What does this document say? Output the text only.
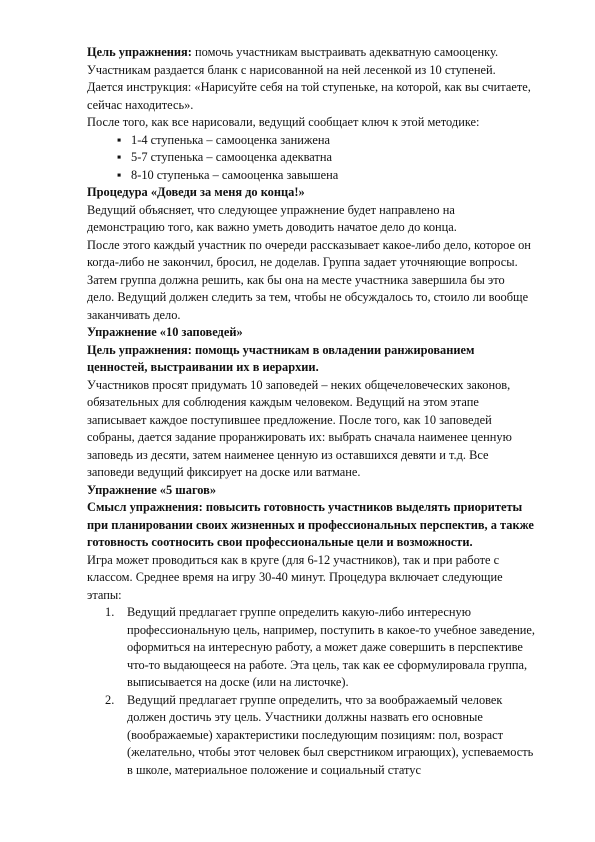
Цель упражнения: помочь участникам выстраивать адекватную самооценку.

Участникам раздается бланк с нарисованной на ней лесенкой из 10 ступеней.

Дается инструкция: «Нарисуйте себя на той ступеньке, на которой, как вы считаете, сейчас находитесь».

После того, как все нарисовали, ведущий сообщает ключ к этой методике:

▪ 1-4 ступенька – самооценка занижена
▪ 5-7 ступенька – самооценка адекватна
▪ 8-10 ступенька – самооценка завышена

Процедура «Доведи за меня до конца!»

Ведущий объясняет, что следующее упражнение будет направлено на демонстрацию того, как важно уметь доводить начатое дело до конца.

После этого каждый участник по очереди рассказывает какое-либо дело, которое он когда-либо не закончил, бросил, не доделав. Группа задает уточняющие вопросы. Затем группа должна решить, как бы она на месте участника завершила бы это дело. Ведущий должен следить за тем, чтобы не обсуждалось то, стоило ли вообще заканчивать дело.

Упражнение «10 заповедей»

Цель упражнения: помощь участникам в овладении ранжированием ценностей, выстраивании их в иерархии.

Участников просят придумать 10 заповедей – неких общечеловеческих законов, обязательных для соблюдения каждым человеком. Ведущий на этом этапе записывает каждое поступившее предложение. После того, как 10 заповедей собраны, дается задание проранжировать их: выбрать сначала наименее ценную заповедь из десяти, затем наименее ценную из оставшихся девяти и т.д. Все заповеди ведущий фиксирует на доске или ватмане.

Упражнение «5 шагов»

Смысл упражнения: повысить готовность участников выделять приоритеты при планировании своих жизненных и профессиональных перспектив, а также готовность соотносить свои профессиональные цели и возможности.

Игра может проводиться как в круге (для 6-12 участников), так и при работе с классом. Среднее время на игру 30-40 минут. Процедура включает следующие этапы:

1. Ведущий предлагает группе определить какую-либо интересную профессиональную цель, например, поступить в какое-то учебное заведение, оформиться на интересную работу, а может даже совершить в перспективе что-то выдающееся на работе. Эта цель, так как ее сформулировала группа, выписывается на доске (или на листочке).
2. Ведущий предлагает группе определить, что за воображаемый человек должен достичь эту цель. Участники должны назвать его основные (воображаемые) характеристики последующим позициям: пол, возраст (желательно, чтобы этот человек был сверстником играющих), успеваемость в школе, материальное положение и социальный статус
